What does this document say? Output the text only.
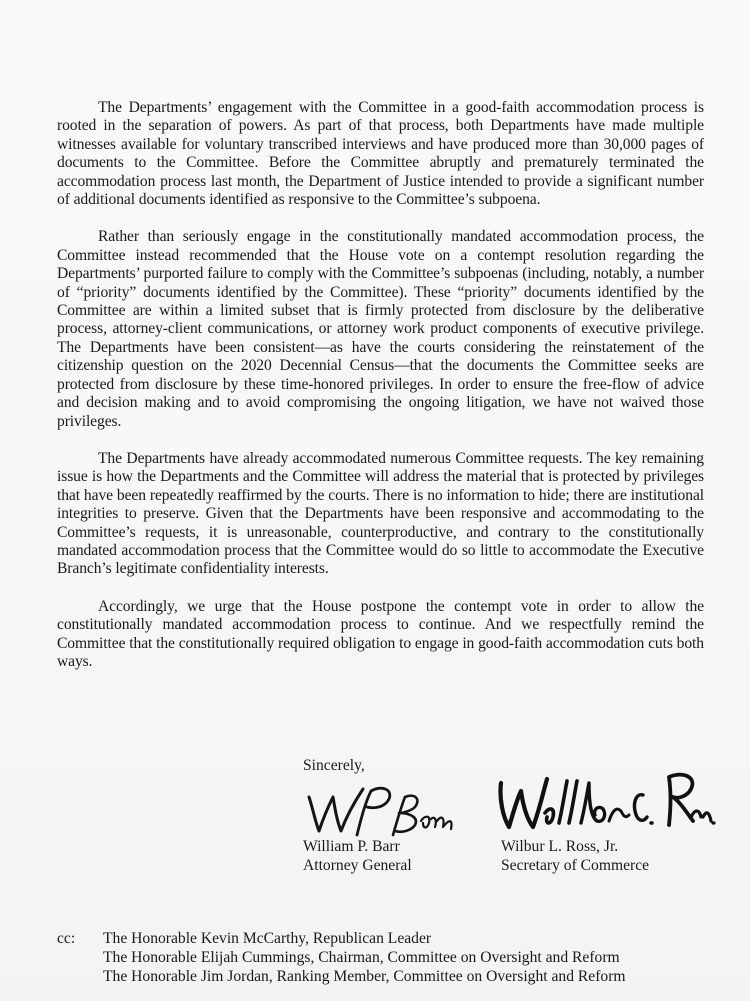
The Departments’ engagement with the Committee in a good-faith accommodation process is rooted in the separation of powers. As part of that process, both Departments have made multiple witnesses available for voluntary transcribed interviews and have produced more than 30,000 pages of documents to the Committee. Before the Committee abruptly and prematurely terminated the accommodation process last month, the Department of Justice intended to provide a significant number of additional documents identified as responsive to the Committee’s subpoena.

Rather than seriously engage in the constitutionally mandated accommodation process, the Committee instead recommended that the House vote on a contempt resolution regarding the Departments’ purported failure to comply with the Committee’s subpoenas (including, notably, a number of “priority” documents identified by the Committee). These “priority” documents identified by the Committee are within a limited subset that is firmly protected from disclosure by the deliberative process, attorney-client communications, or attorney work product components of executive privilege. The Departments have been consistent—as have the courts considering the reinstatement of the citizenship question on the 2020 Decennial Census—that the documents the Committee seeks are protected from disclosure by these time-honored privileges. In order to ensure the free-flow of advice and decision making and to avoid compromising the ongoing litigation, we have not waived those privileges.

The Departments have already accommodated numerous Committee requests. The key remaining issue is how the Departments and the Committee will address the material that is protected by privileges that have been repeatedly reaffirmed by the courts. There is no information to hide; there are institutional integrities to preserve. Given that the Departments have been responsive and accommodating to the Committee’s requests, it is unreasonable, counterproductive, and contrary to the constitutionally mandated accommodation process that the Committee would do so little to accommodate the Executive Branch’s legitimate confidentiality interests.

Accordingly, we urge that the House postpone the contempt vote in order to allow the constitutionally mandated accommodation process to continue. And we respectfully remind the Committee that the constitutionally required obligation to engage in good-faith accommodation cuts both ways.

Sincerely,
William P. Barr
Attorney General
Wilbur L. Ross, Jr.
Secretary of Commerce
cc: The Honorable Kevin McCarthy, Republican Leader
The Honorable Elijah Cummings, Chairman, Committee on Oversight and Reform
The Honorable Jim Jordan, Ranking Member, Committee on Oversight and Reform
